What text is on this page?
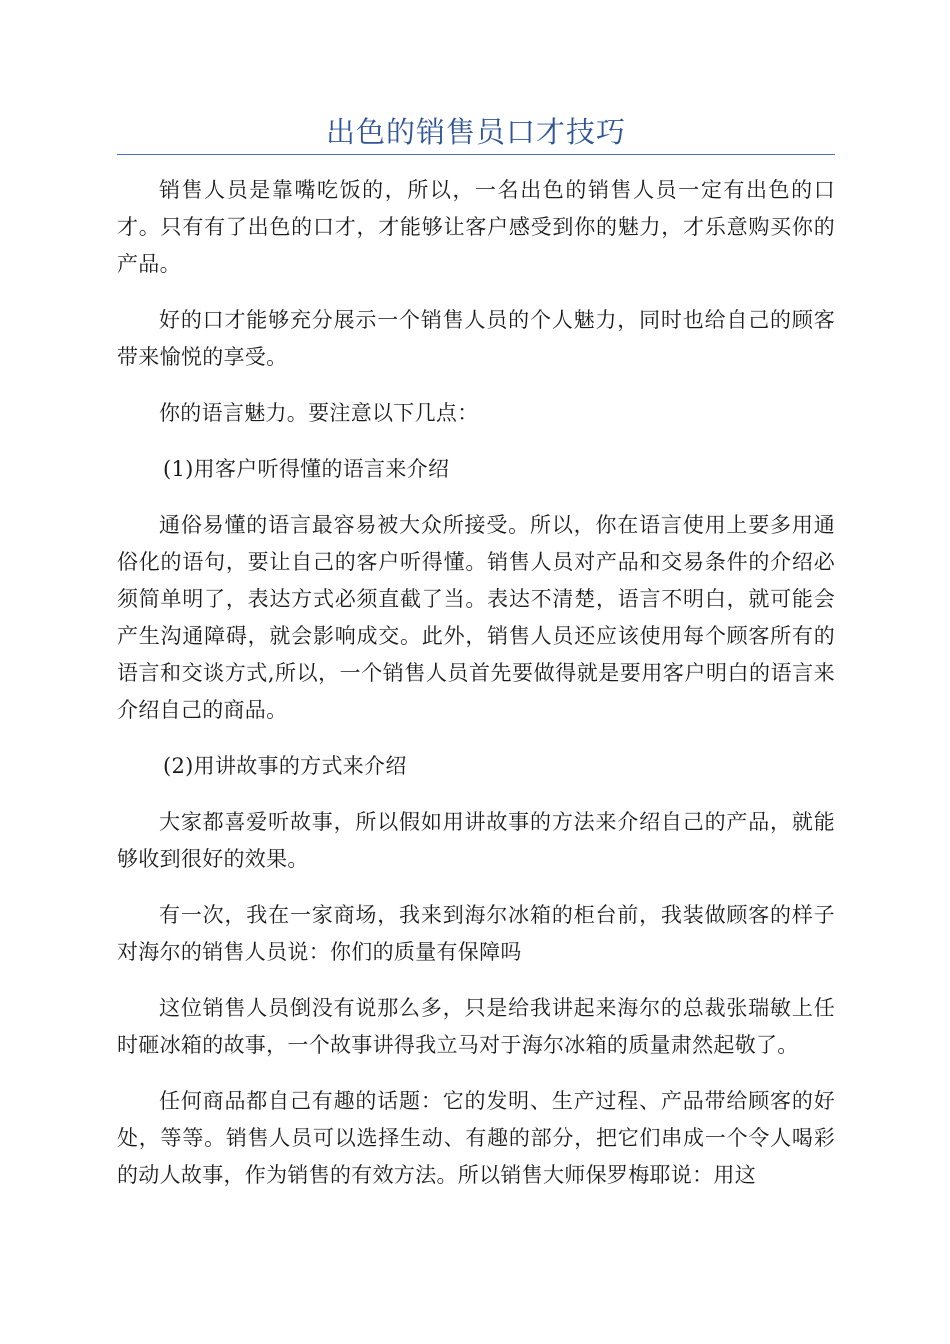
出色的销售员口才技巧

销售人员是靠嘴吃饭的，所以，一名出色的销售人员一定有出色的口才。只有有了出色的口才，才能够让客户感受到你的魅力，才乐意购买你的产品。

好的口才能够充分展示一个销售人员的个人魅力，同时也给自己的顾客带来愉悦的享受。

你的语言魅力。要注意以下几点：

(1)用客户听得懂的语言来介绍

通俗易懂的语言最容易被大众所接受。所以，你在语言使用上要多用通俗化的语句，要让自己的客户听得懂。销售人员对产品和交易条件的介绍必须简单明了，表达方式必须直截了当。表达不清楚，语言不明白，就可能会产生沟通障碍，就会影响成交。此外，销售人员还应该使用每个顾客所有的语言和交谈方式,所以，一个销售人员首先要做得就是要用客户明白的语言来介绍自己的商品。

(2)用讲故事的方式来介绍

大家都喜爱听故事，所以假如用讲故事的方法来介绍自己的产品，就能够收到很好的效果。

有一次，我在一家商场，我来到海尔冰箱的柜台前，我装做顾客的样子对海尔的销售人员说：你们的质量有保障吗

这位销售人员倒没有说那么多，只是给我讲起来海尔的总裁张瑞敏上任时砸冰箱的故事，一个故事讲得我立马对于海尔冰箱的质量肃然起敬了。

任何商品都自己有趣的话题：它的发明、生产过程、产品带给顾客的好处，等等。销售人员可以选择生动、有趣的部分，把它们串成一个令人喝彩的动人故事，作为销售的有效方法。所以销售大师保罗梅耶说：用这
